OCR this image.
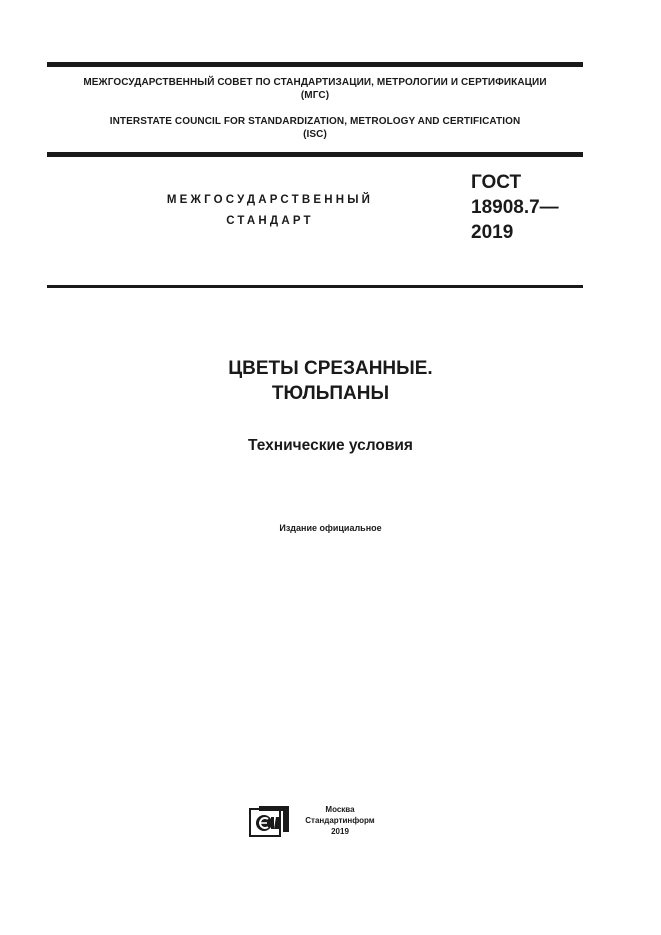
МЕЖГОСУДАРСТВЕННЫЙ СОВЕТ ПО СТАНДАРТИЗАЦИИ, МЕТРОЛОГИИ И СЕРТИФИКАЦИИ
(МГС)
INTERSTATE COUNCIL FOR STANDARDIZATION, METROLOGY AND CERTIFICATION
(ISC)
МЕЖГОСУДАРСТВЕННЫЙ
СТАНДАРТ
ГОСТ
18908.7—
2019
ЦВЕТЫ СРЕЗАННЫЕ.
ТЮЛЬПАНЫ
Технические условия
Издание официальное
Москва
Стандартинформ
2019
